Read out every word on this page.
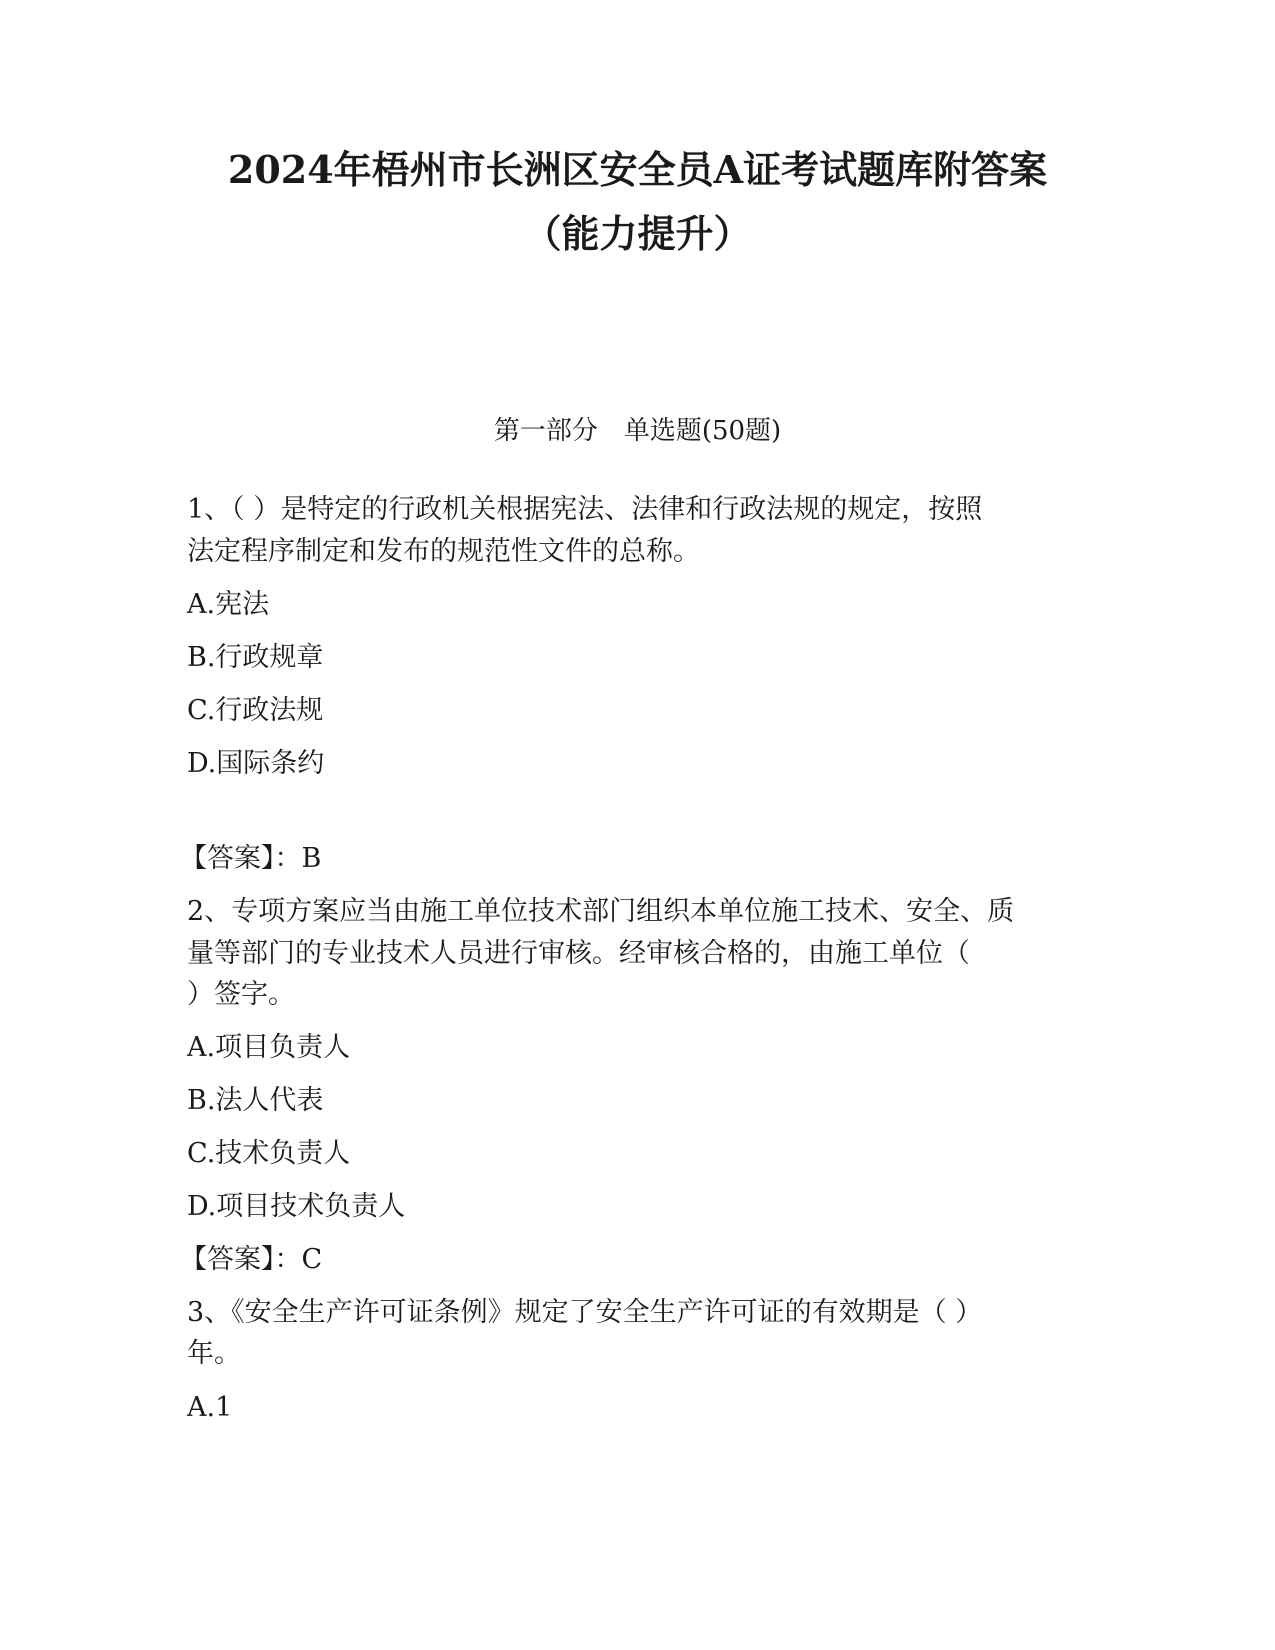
2024年梧州市长洲区安全员A证考试题库附答案
（能力提升）
第一部分　单选题(50题)

1、（ ）是特定的行政机关根据宪法、法律和行政法规的规定，按照

法定程序制定和发布的规范性文件的总称。

A.宪法

B.行政规章

C.行政法规

D.国际条约

【答案】：B

2、专项方案应当由施工单位技术部门组织本单位施工技术、安全、质

量等部门的专业技术人员进行审核。经审核合格的，由施工单位（

）签字。

A.项目负责人

B.法人代表

C.技术负责人

D.项目技术负责人

【答案】：C

3、《安全生产许可证条例》规定了安全生产许可证的有效期是（ ）

年。

A.1
